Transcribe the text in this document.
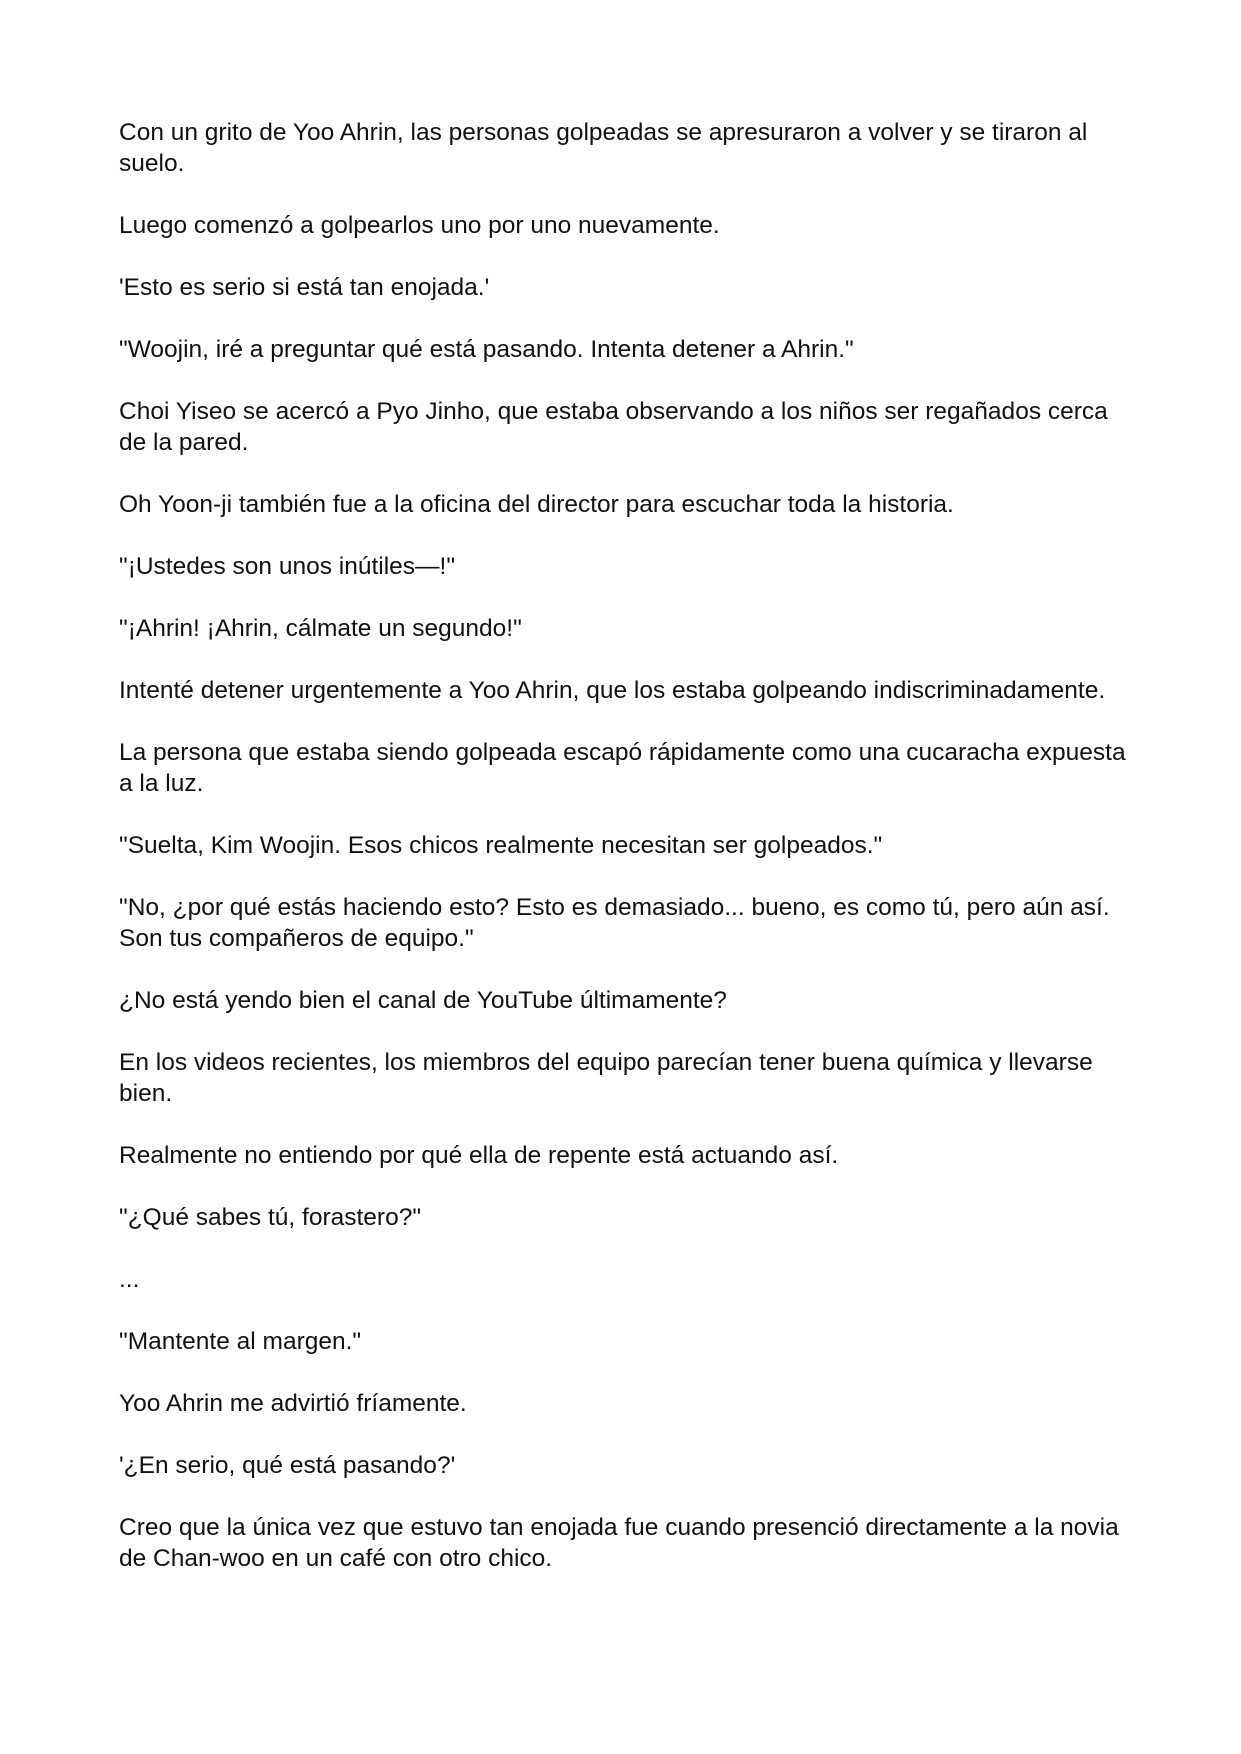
Con un grito de Yoo Ahrin, las personas golpeadas se apresuraron a volver y se tiraron al suelo.

Luego comenzó a golpearlos uno por uno nuevamente.

'Esto es serio si está tan enojada.'

"Woojin, iré a preguntar qué está pasando. Intenta detener a Ahrin."

Choi Yiseo se acercó a Pyo Jinho, que estaba observando a los niños ser regañados cerca de la pared.

Oh Yoon-ji también fue a la oficina del director para escuchar toda la historia.

"¡Ustedes son unos inútiles—!"

"¡Ahrin! ¡Ahrin, cálmate un segundo!"

Intenté detener urgentemente a Yoo Ahrin, que los estaba golpeando indiscriminadamente.

La persona que estaba siendo golpeada escapó rápidamente como una cucaracha expuesta a la luz.

"Suelta, Kim Woojin. Esos chicos realmente necesitan ser golpeados."

"No, ¿por qué estás haciendo esto? Esto es demasiado... bueno, es como tú, pero aún así. Son tus compañeros de equipo."

¿No está yendo bien el canal de YouTube últimamente?

En los videos recientes, los miembros del equipo parecían tener buena química y llevarse bien.

Realmente no entiendo por qué ella de repente está actuando así.

"¿Qué sabes tú, forastero?"

...

"Mantente al margen."

Yoo Ahrin me advirtió fríamente.

'¿En serio, qué está pasando?'

Creo que la única vez que estuvo tan enojada fue cuando presenció directamente a la novia de Chan-woo en un café con otro chico.
